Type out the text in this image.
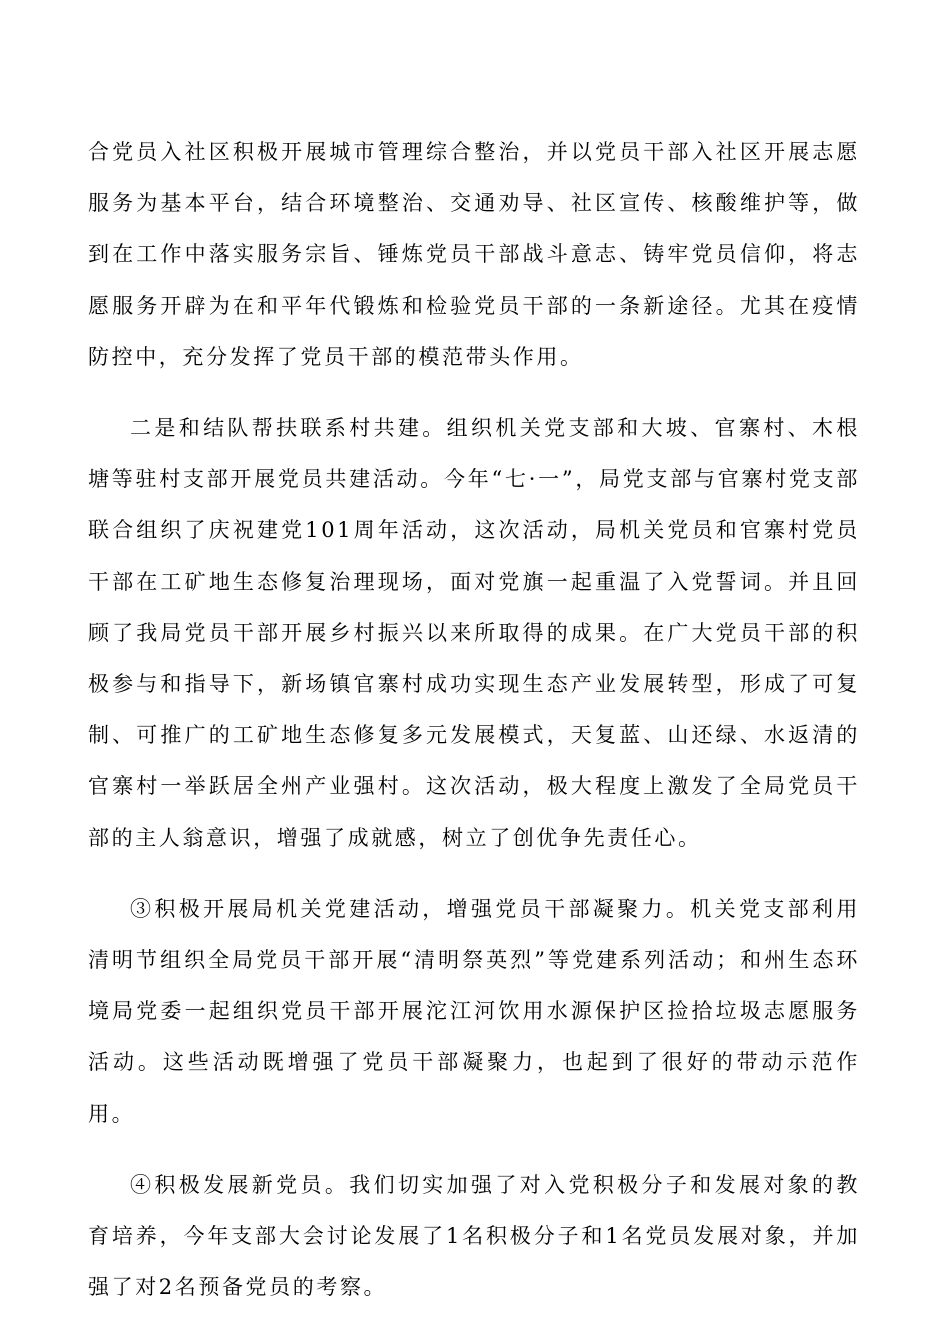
合党员入社区积极开展城市管理综合整治，并以党员干部入社区开展志愿服务为基本平台，结合环境整治、交通劝导、社区宣传、核酸维护等，做到在工作中落实服务宗旨、锤炼党员干部战斗意志、铸牢党员信仰，将志愿服务开辟为在和平年代锻炼和检验党员干部的一条新途径。尤其在疫情防控中，充分发挥了党员干部的模范带头作用。

二是和结队帮扶联系村共建。组织机关党支部和大坡、官寨村、木根塘等驻村支部开展党员共建活动。今年“七·一”，局党支部与官寨村党支部联合组织了庆祝建党101周年活动，这次活动，局机关党员和官寨村党员干部在工矿地生态修复治理现场，面对党旗一起重温了入党誓词。并且回顾了我局党员干部开展乡村振兴以来所取得的成果。在广大党员干部的积极参与和指导下，新场镇官寨村成功实现生态产业发展转型，形成了可复制、可推广的工矿地生态修复多元发展模式，天复蓝、山还绿、水返清的官寨村一举跃居全州产业强村。这次活动，极大程度上激发了全局党员干部的主人翁意识，增强了成就感，树立了创优争先责任心。

③积极开展局机关党建活动，增强党员干部凝聚力。机关党支部利用清明节组织全局党员干部开展“清明祭英烈”等党建系列活动；和州生态环境局党委一起组织党员干部开展沱江河饮用水源保护区捡拾垃圾志愿服务活动。这些活动既增强了党员干部凝聚力，也起到了很好的带动示范作用。

④积极发展新党员。我们切实加强了对入党积极分子和发展对象的教育培养，今年支部大会讨论发展了1名积极分子和1名党员发展对象，并加强了对2名预备党员的考察。
